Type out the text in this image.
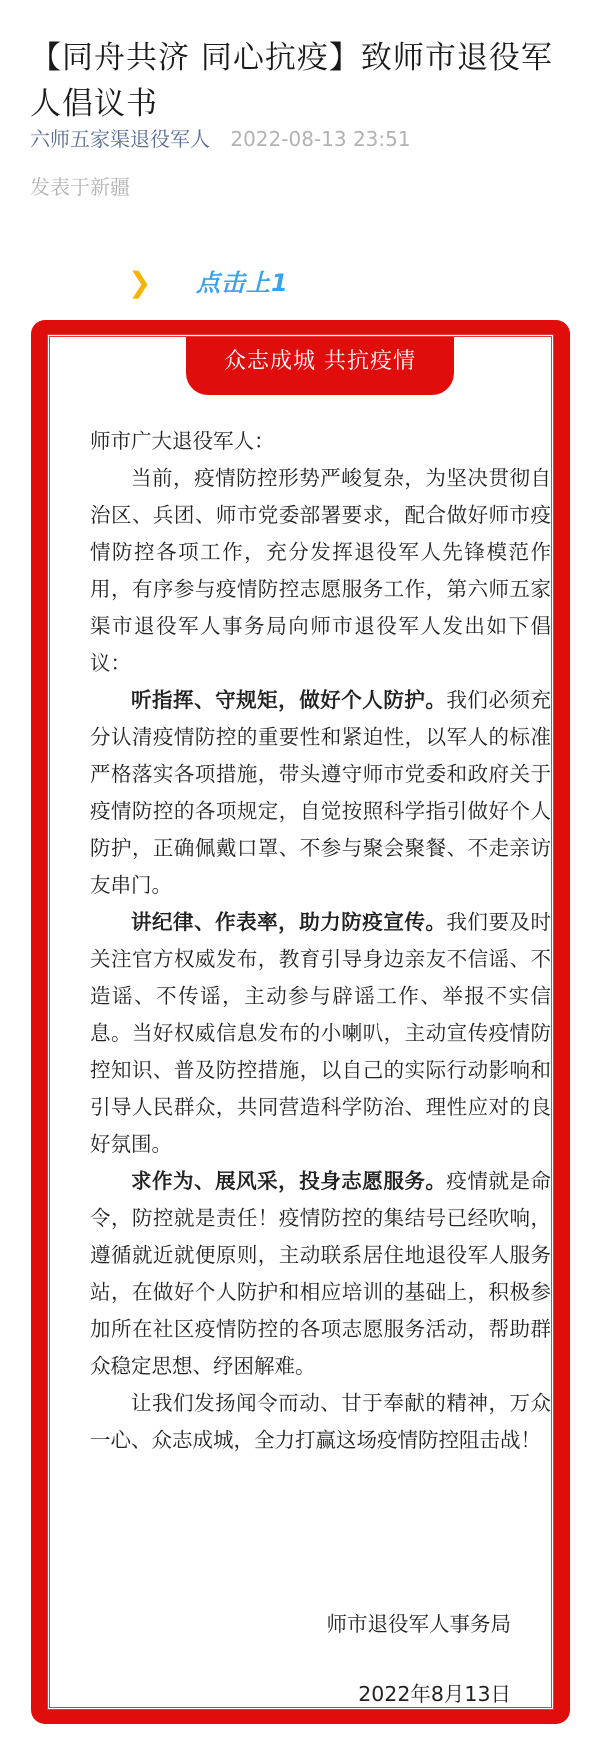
【同舟共济 同心抗疫】致师市退役军人倡议书
六师五家渠退役军人 2022-08-13 23:51
发表于新疆
❯ 点击上1
众志成城 共抗疫情

师市广大退役军人：

当前，疫情防控形势严峻复杂，为坚决贯彻自治区、兵团、师市党委部署要求，配合做好师市疫情防控各项工作，充分发挥退役军人先锋模范作用，有序参与疫情防控志愿服务工作，第六师五家渠市退役军人事务局向师市退役军人发出如下倡议：

听指挥、守规矩，做好个人防护。我们必须充分认清疫情防控的重要性和紧迫性，以军人的标准严格落实各项措施，带头遵守师市党委和政府关于疫情防控的各项规定，自觉按照科学指引做好个人防护，正确佩戴口罩、不参与聚会聚餐、不走亲访友串门。

讲纪律、作表率，助力防疫宣传。我们要及时关注官方权威发布，教育引导身边亲友不信谣、不造谣、不传谣，主动参与辟谣工作、举报不实信息。当好权威信息发布的小喇叭，主动宣传疫情防控知识、普及防控措施，以自己的实际行动影响和引导人民群众，共同营造科学防治、理性应对的良好氛围。

求作为、展风采，投身志愿服务。疫情就是命令，防控就是责任！疫情防控的集结号已经吹响，遵循就近就便原则，主动联系居住地退役军人服务站，在做好个人防护和相应培训的基础上，积极参加所在社区疫情防控的各项志愿服务活动，帮助群众稳定思想、纾困解难。

让我们发扬闻令而动、甘于奉献的精神，万众一心、众志成城，全力打赢这场疫情防控阻击战！

师市退役军人事务局
2022年8月13日
